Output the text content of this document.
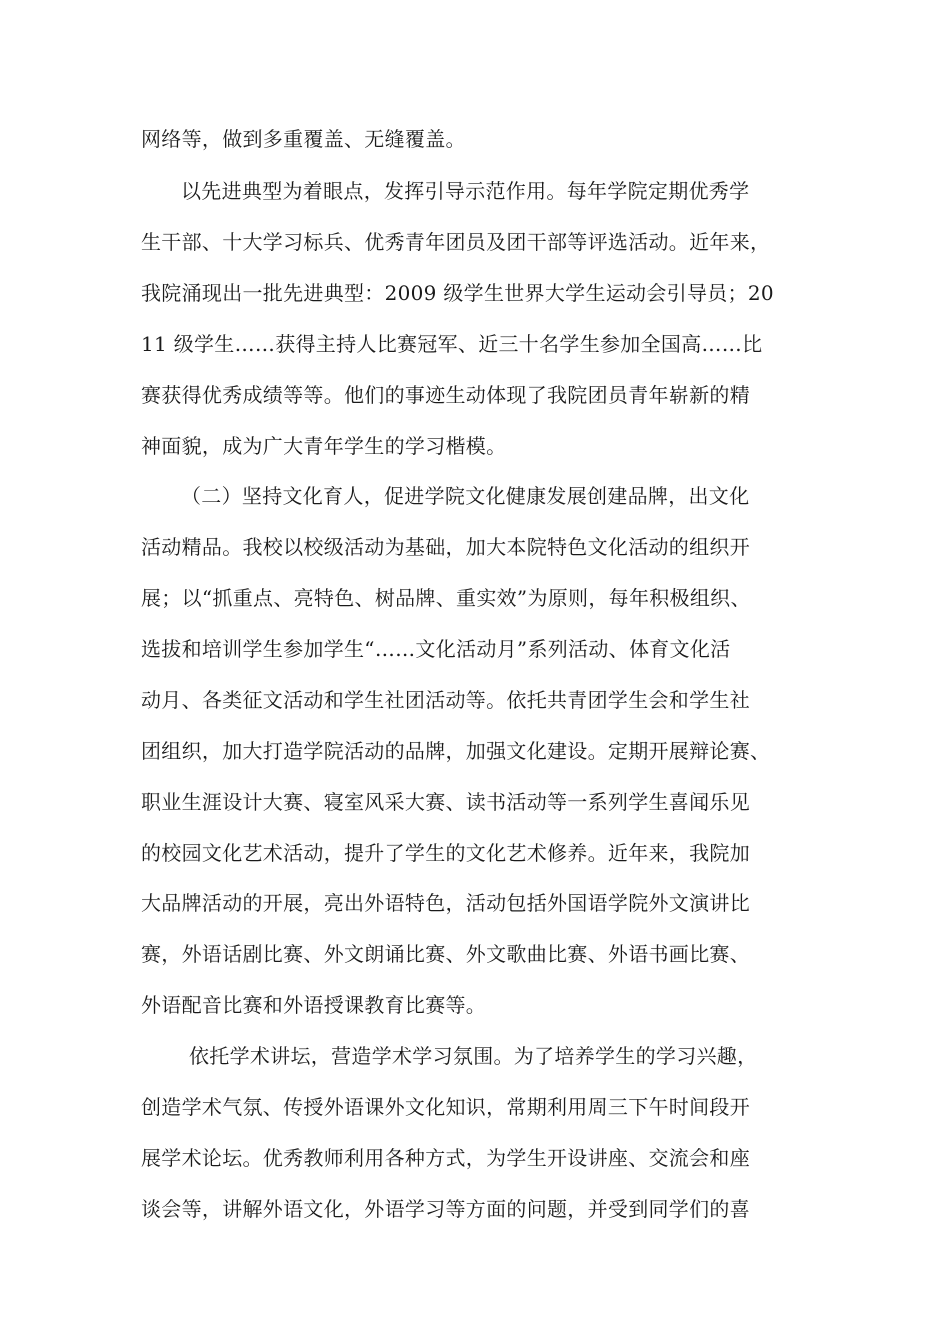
网络等，做到多重覆盖、无缝覆盖。
以先进典型为着眼点，发挥引导示范作用。每年学院定期优秀学
生干部、十大学习标兵、优秀青年团员及团干部等评选活动。近年来，
我院涌现出一批先进典型：2009 级学生世界大学生运动会引导员；20
11 级学生……获得主持人比赛冠军、近三十名学生参加全国高……比
赛获得优秀成绩等等。他们的事迹生动体现了我院团员青年崭新的精
神面貌，成为广大青年学生的学习楷模。
（二）坚持文化育人，促进学院文化健康发展创建品牌，出文化
活动精品。我校以校级活动为基础，加大本院特色文化活动的组织开
展；以“抓重点、亮特色、树品牌、重实效”为原则，每年积极组织、
选拔和培训学生参加学生“……文化活动月”系列活动、体育文化活
动月、各类征文活动和学生社团活动等。依托共青团学生会和学生社
团组织，加大打造学院活动的品牌，加强文化建设。定期开展辩论赛、
职业生涯设计大赛、寝室风采大赛、读书活动等一系列学生喜闻乐见
的校园文化艺术活动，提升了学生的文化艺术修养。近年来，我院加
大品牌活动的开展，亮出外语特色，活动包括外国语学院外文演讲比
赛，外语话剧比赛、外文朗诵比赛、外文歌曲比赛、外语书画比赛、
外语配音比赛和外语授课教育比赛等。
依托学术讲坛，营造学术学习氛围。为了培养学生的学习兴趣，
创造学术气氛、传授外语课外文化知识，常期利用周三下午时间段开
展学术论坛。优秀教师利用各种方式，为学生开设讲座、交流会和座
谈会等，讲解外语文化，外语学习等方面的问题，并受到同学们的喜
